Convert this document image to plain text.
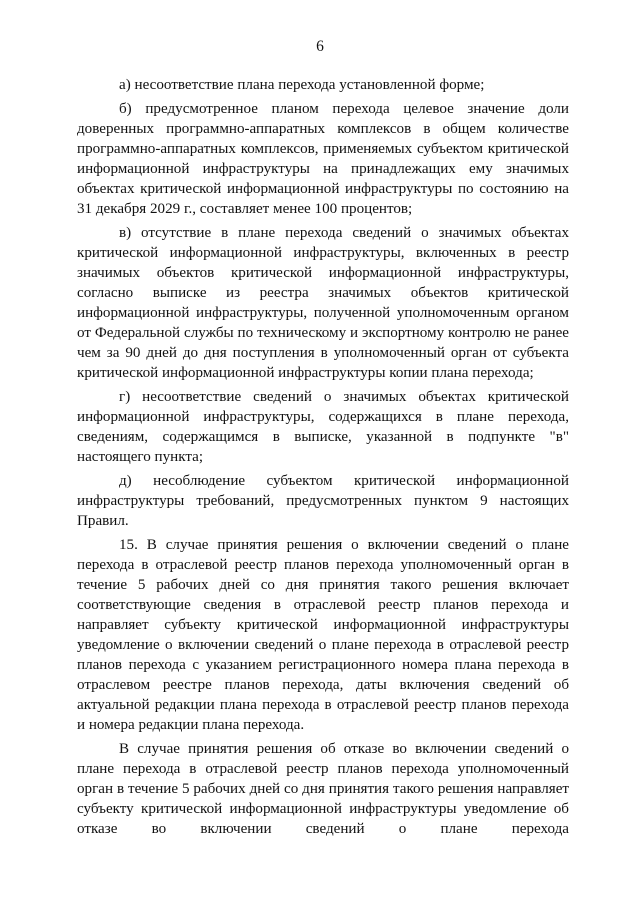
6

а) несоответствие плана перехода установленной форме;

б) предусмотренное планом перехода целевое значение доли доверенных программно-аппаратных комплексов в общем количестве программно-аппаратных комплексов, применяемых субъектом критической информационной инфраструктуры на принадлежащих ему значимых объектах критической информационной инфраструктуры по состоянию на 31 декабря 2029 г., составляет менее 100 процентов;

в) отсутствие в плане перехода сведений о значимых объектах критической информационной инфраструктуры, включенных в реестр значимых объектов критической информационной инфраструктуры, согласно выписке из реестра значимых объектов критической информационной инфраструктуры, полученной уполномоченным органом от Федеральной службы по техническому и экспортному контролю не ранее чем за 90 дней до дня поступления в уполномоченный орган от субъекта критической информационной инфраструктуры копии плана перехода;

г) несоответствие сведений о значимых объектах критической информационной инфраструктуры, содержащихся в плане перехода, сведениям, содержащимся в выписке, указанной в подпункте "в" настоящего пункта;

д) несоблюдение субъектом критической информационной инфраструктуры требований, предусмотренных пунктом 9 настоящих Правил.

15. В случае принятия решения о включении сведений о плане перехода в отраслевой реестр планов перехода уполномоченный орган в течение 5 рабочих дней со дня принятия такого решения включает соответствующие сведения в отраслевой реестр планов перехода и направляет субъекту критической информационной инфраструктуры уведомление о включении сведений о плане перехода в отраслевой реестр планов перехода с указанием регистрационного номера плана перехода в отраслевом реестре планов перехода, даты включения сведений об актуальной редакции плана перехода в отраслевой реестр планов перехода и номера редакции плана перехода.

В случае принятия решения об отказе во включении сведений о плане перехода в отраслевой реестр планов перехода уполномоченный орган в течение 5 рабочих дней со дня принятия такого решения направляет субъекту критической информационной инфраструктуры уведомление об отказе во включении сведений о плане перехода
